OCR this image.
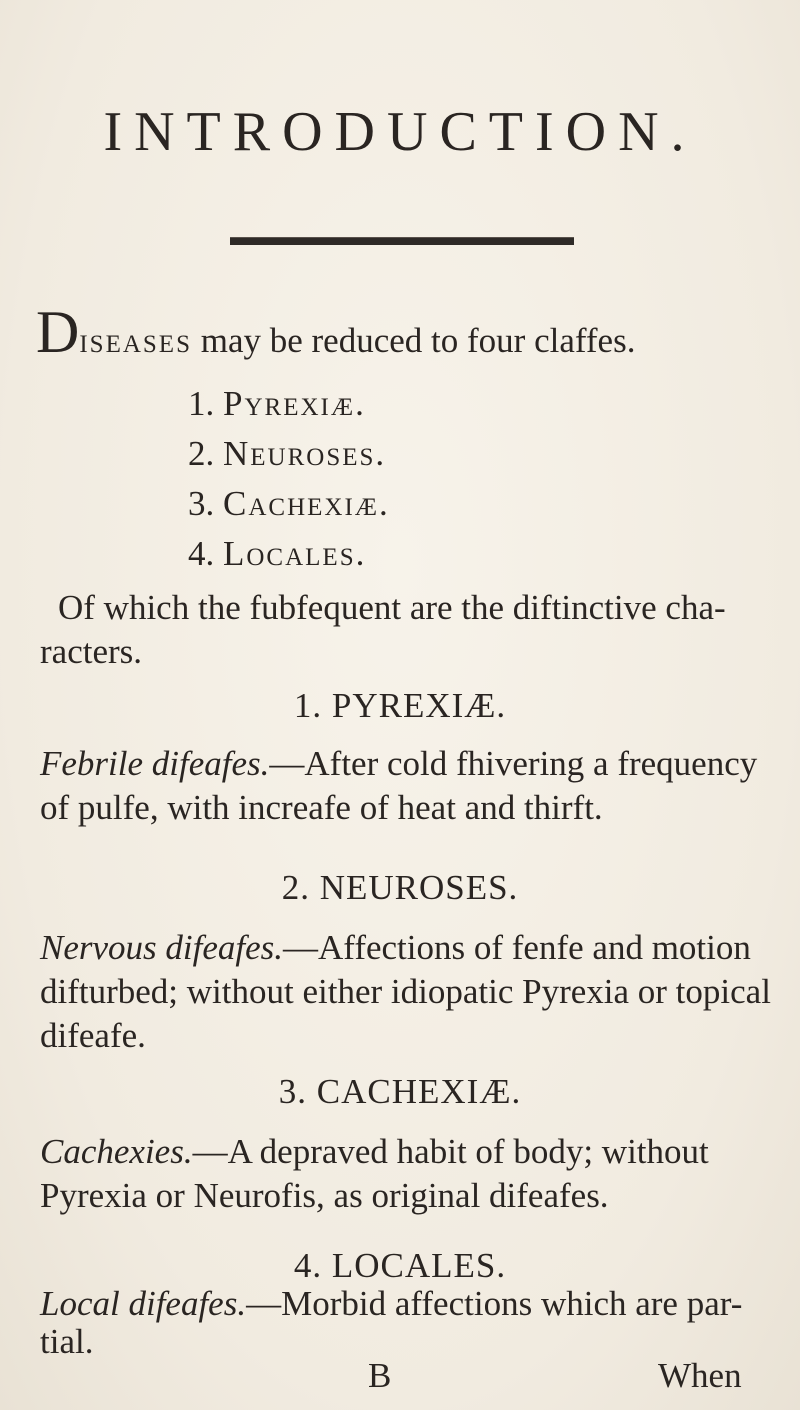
INTRODUCTION.
Diseases may be reduced to four claffes.
1. Pyrexiæ.
2. Neuroses.
3. Cachexiæ.
4. Locales.
Of which the fubfequent are the diftinctive cha-
racters.
1. PYREXIÆ.
Febrile difeafes.—After cold fhivering a frequency
of pulfe, with increafe of heat and thirft.
2. NEUROSES.
Nervous difeafes.—Affections of fenfe and motion
difturbed; without either idiopatic Pyrexia or topical
difeafe.
3. CACHEXIÆ.
Cachexies.—A depraved habit of body; without
Pyrexia or Neurofis, as original difeafes.
4. LOCALES.
Local difeafes.—Morbid affections which are par-
tial.
B	When
